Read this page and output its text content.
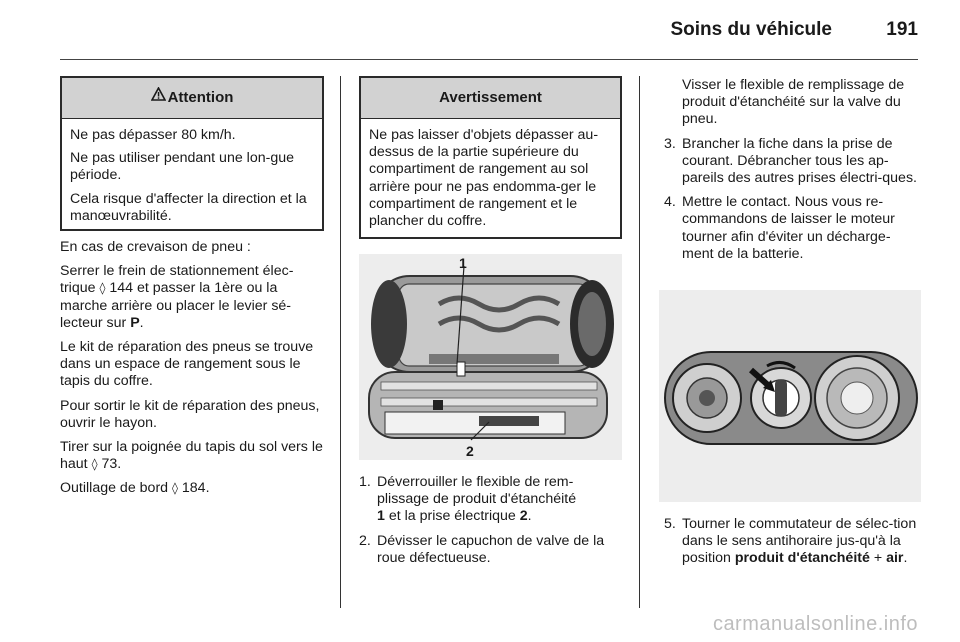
Soins du véhicule	191
Attention

Ne pas dépasser 80 km/h.

Ne pas utiliser pendant une lon-gue période.

Cela risque d'affecter la direction et la manœuvrabilité.

En cas de crevaison de pneu :

Serrer le frein de stationnement élec-trique ◊ 144 et passer la 1ère ou la marche arrière ou placer le levier sé-lecteur sur P.

Le kit de réparation des pneus se trouve dans un espace de rangement sous le tapis du coffre.

Pour sortir le kit de réparation des pneus, ouvrir le hayon.

Tirer sur la poignée du tapis du sol vers le haut ◊ 73.

Outillage de bord ◊ 184.

Avertissement

Ne pas laisser d'objets dépasser au-dessus de la partie supérieure du compartiment de rangement au sol arrière pour ne pas endomma-ger le compartiment de rangement et le plancher du coffre.

1
2
1. Déverrouiller le flexible de rem-plissage de produit d'étanchéité
1 et la prise électrique 2.
2. Dévisser le capuchon de valve de la roue défectueuse.
Visser le flexible de remplissage de produit d'étanchéité sur la valve du pneu.
3. Brancher la fiche dans la prise de courant. Débrancher tous les ap-pareils des autres prises électri-ques.
4. Mettre le contact. Nous vous re-commandons de laisser le moteur tourner afin d'éviter un décharge-ment de la batterie.
5. Tourner le commutateur de sélec-tion dans le sens antihoraire jus-qu'à la position produit d'étanchéité + air.
carmanualsonline.info
